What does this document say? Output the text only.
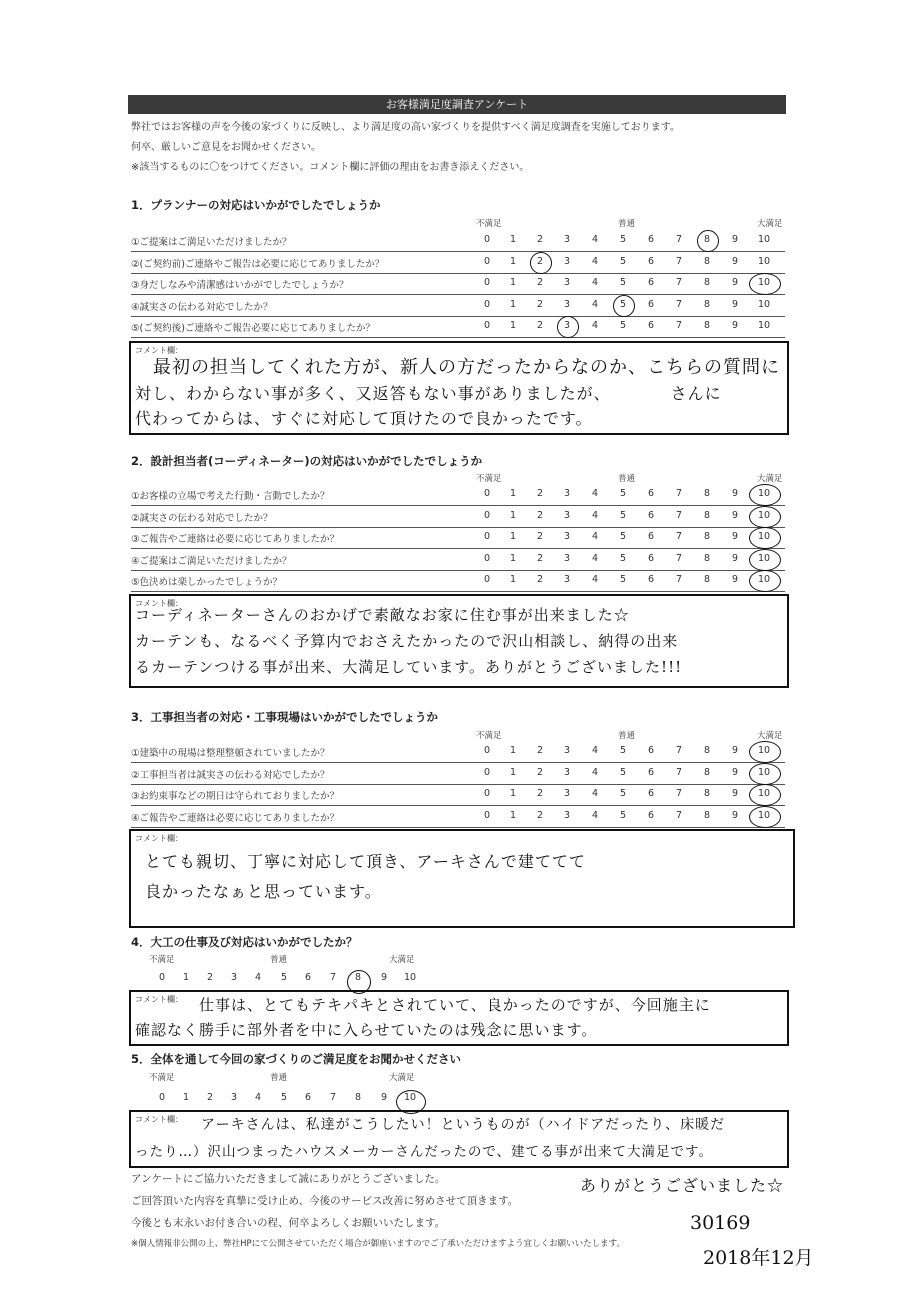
お客様満足度調査アンケート
弊社ではお客様の声を今後の家づくりに反映し、より満足度の高い家づくりを提供すべく満足度調査を実施しております。
何卒、厳しいご意見をお聞かせください。
※該当するものに〇をつけてください。コメント欄に評価の理由をお書き添えください。
1．プランナーの対応はいかがでしたでしょうか
不満足	普通	大満足
①ご提案はご満足いただけましたか？	0	1	2	3	4	5	6	7	8	9	10
②(ご契約前)ご連絡やご報告は必要に応じてありましたか？	0	1	2	3	4	5	6	7	8	9	10
③身だしなみや清潔感はいかがでしたでしょうか？	0	1	2	3	4	5	6	7	8	9	10
④誠実さの伝わる対応でしたか？	0	1	2	3	4	5	6	7	8	9	10
⑤(ご契約後)ご連絡やご報告必要に応じてありましたか？	0	1	2	3	4	5	6	7	8	9	10
コメント欄：
最初の担当してくれた方が、新人の方だったからなのか、こちらの質問に
対し、わからない事が多く、又返答もない事がありましたが、　　　　さんに
代わってからは、すぐに対応して頂けたので良かったです。
2．設計担当者(コーディネーター)の対応はいかがでしたでしょうか
不満足	普通	大満足
①お客様の立場で考えた行動・言動でしたか？	0	1	2	3	4	5	6	7	8	9	10
②誠実さの伝わる対応でしたか？	0	1	2	3	4	5	6	7	8	9	10
③ご報告やご連絡は必要に応じてありましたか？	0	1	2	3	4	5	6	7	8	9	10
④ご提案はご満足いただけましたか？	0	1	2	3	4	5	6	7	8	9	10
⑤色決めは楽しかったでしょうか？	0	1	2	3	4	5	6	7	8	9	10
コメント欄：
コーディネーターさんのおかげで素敵なお家に住む事が出来ました☆
カーテンも、なるべく予算内でおさえたかったので沢山相談し、納得の出来
るカーテンつける事が出来、大満足しています。ありがとうございました!!!
3．工事担当者の対応・工事現場はいかがでしたでしょうか
不満足	普通	大満足
①建築中の現場は整理整頓されていましたか？	0	1	2	3	4	5	6	7	8	9	10
②工事担当者は誠実さの伝わる対応でしたか？	0	1	2	3	4	5	6	7	8	9	10
③お約束事などの期日は守られておりましたか？	0	1	2	3	4	5	6	7	8	9	10
④ご報告やご連絡は必要に応じてありましたか？	0	1	2	3	4	5	6	7	8	9	10
コメント欄：
とても親切、丁寧に対応して頂き、アーキさんで建ててて
良かったなぁと思っています。
4．大工の仕事及び対応はいかがでしたか？
不満足	普通	大満足
0	1	2	3	4	5	6	7	8	9	10
コメント欄： 仕事は、とてもテキパキとされていて、良かったのですが、今回施主に
確認なく勝手に部外者を中に入らせていたのは残念に思います。
5．全体を通して今回の家づくりのご満足度をお聞かせください
不満足	普通	大満足
0	1	2	3	4	5	6	7	8	9	10
コメント欄： アーキさんは、私達がこうしたい！というものが（ハイドアだったり、床暖だ
ったり…）沢山つまったハウスメーカーさんだったので、建てる事が出来て大満足です。
アンケートにご協力いただきまして誠にありがとうございました。
ご回答頂いた内容を真摯に受け止め、今後のサービス改善に努めさせて頂きます。
今後とも末永いお付き合いの程、何卒よろしくお願いいたします。
ありがとうございました☆
※個人情報非公開の上、弊社HPにて公開させていただく場合が御座いますのでご了承いただけますよう宜しくお願いいたします。
30169
2018年12月
